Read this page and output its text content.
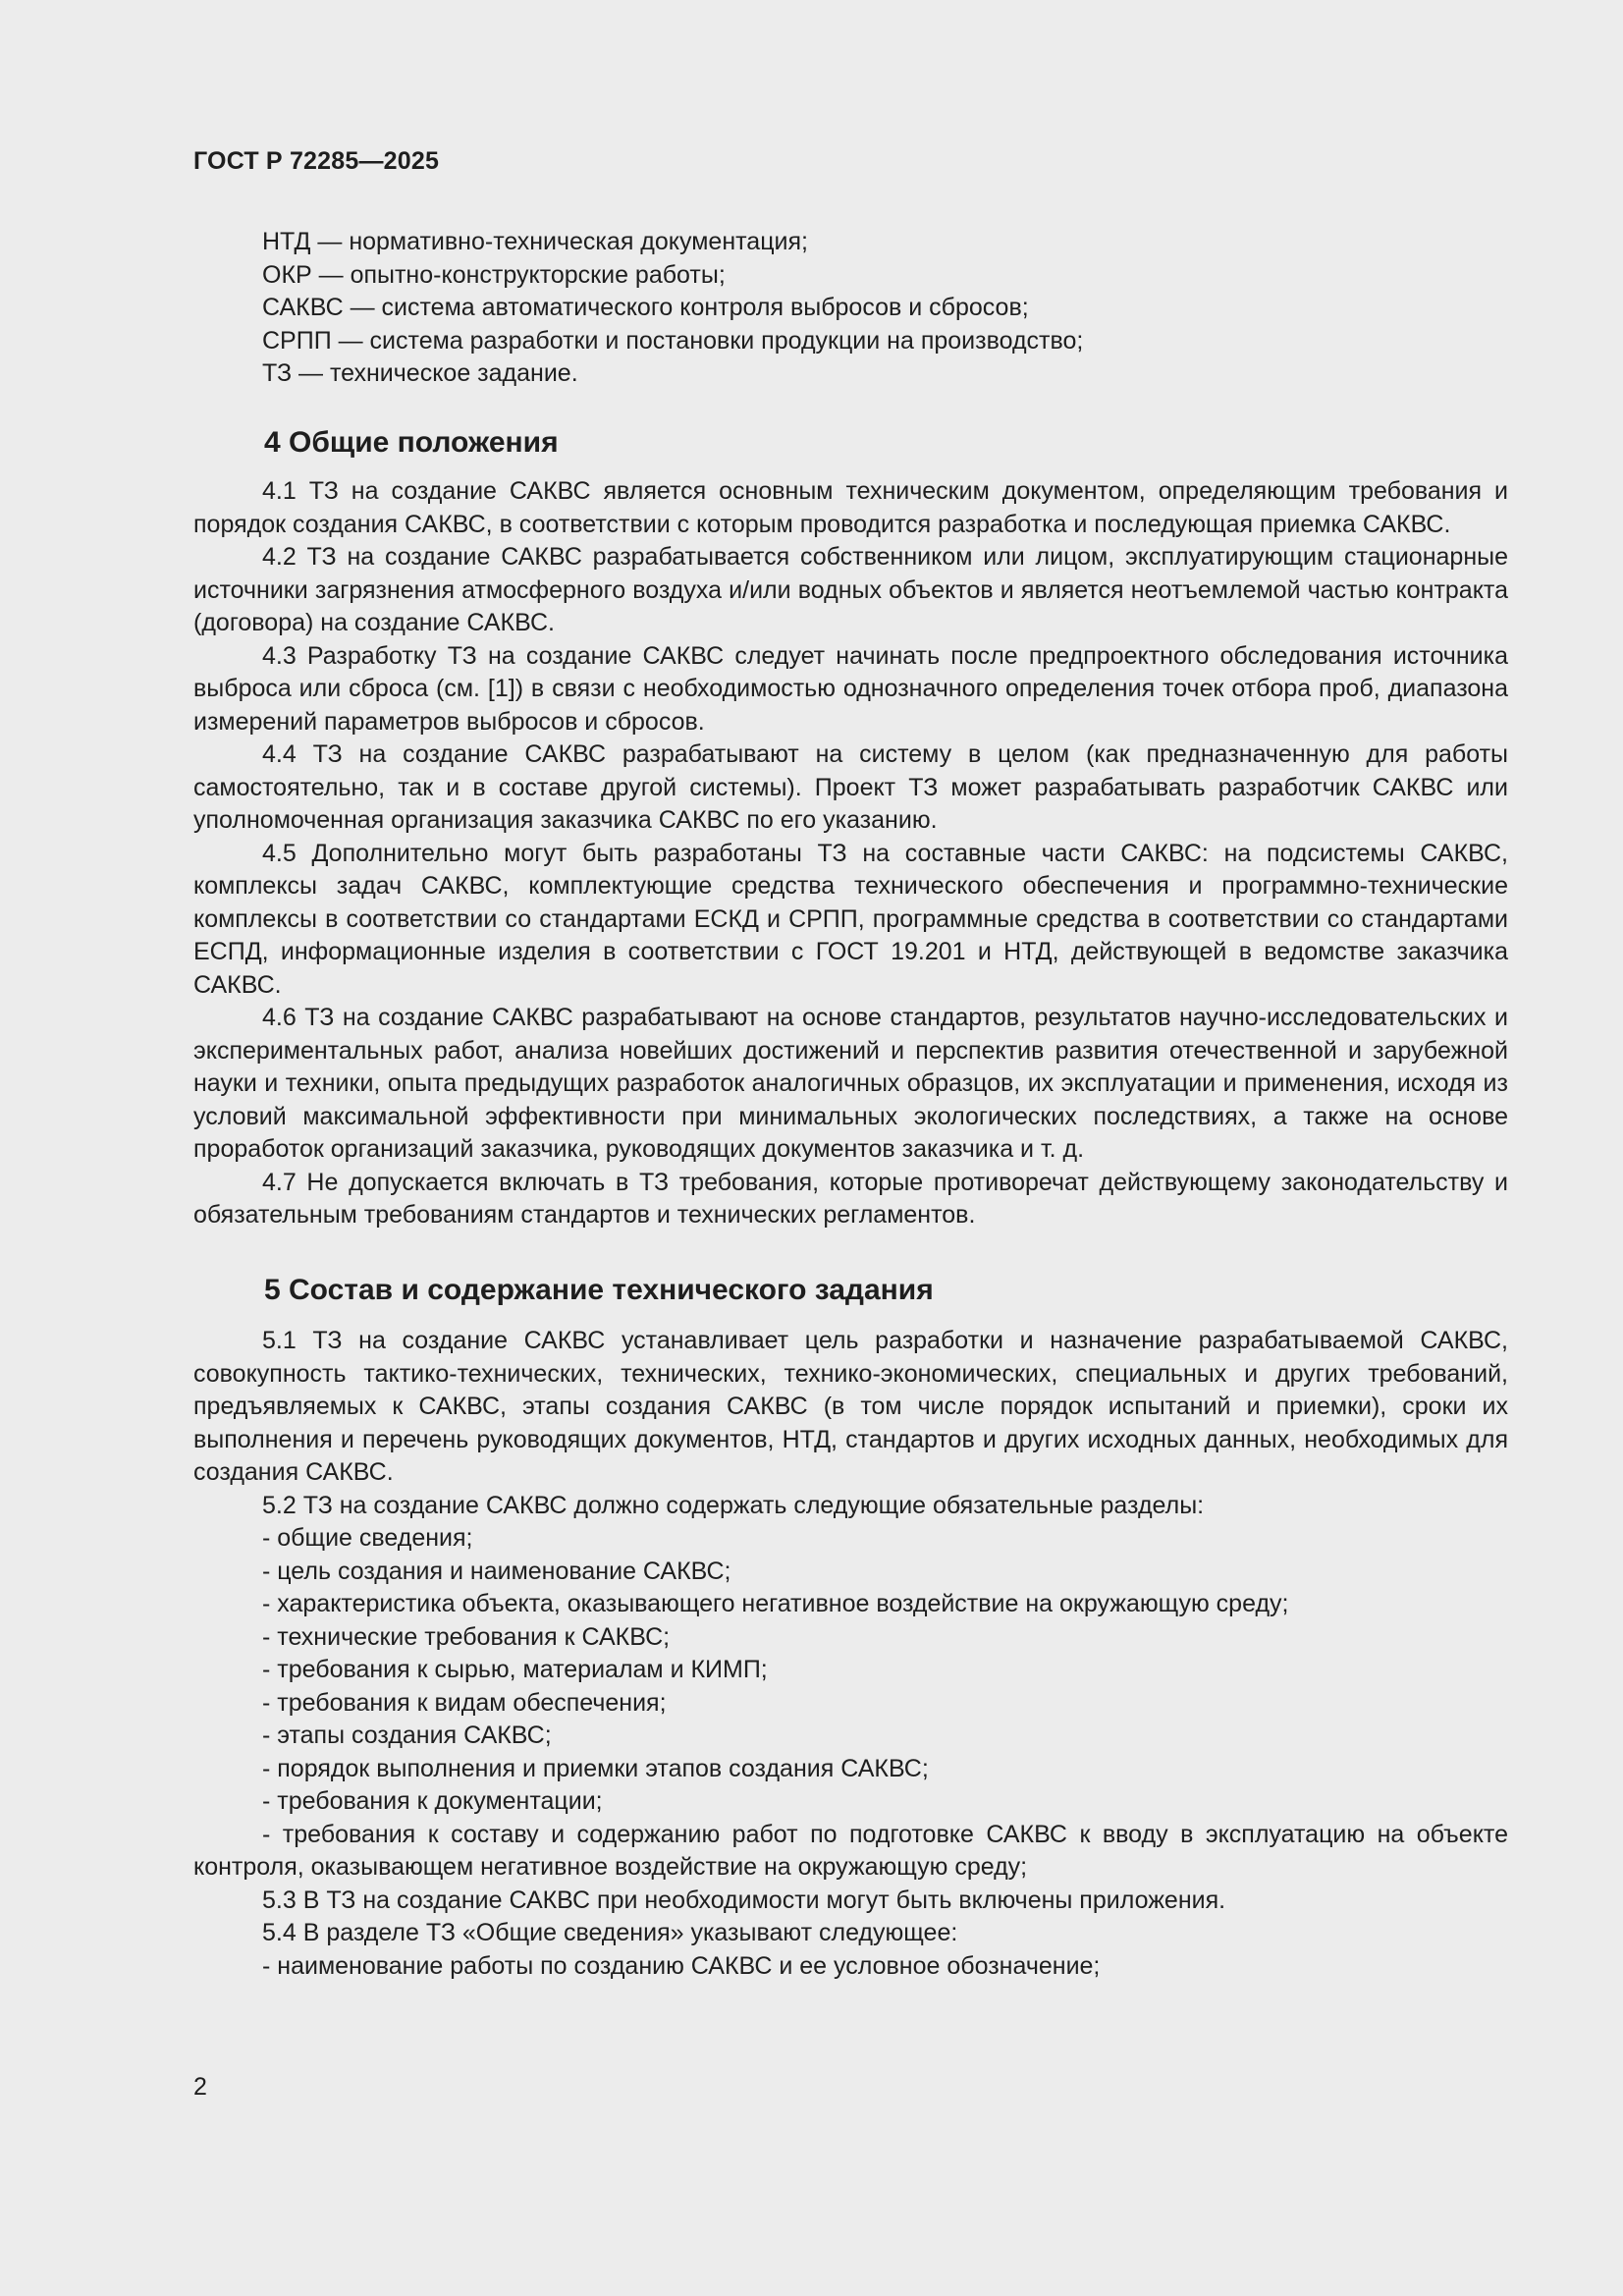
ГОСТ Р 72285—2025
НТД — нормативно-техническая документация;
ОКР — опытно-конструкторские работы;
САКВС — система автоматического контроля выбросов и сбросов;
СРПП — система разработки и постановки продукции на производство;
ТЗ — техническое задание.
4 Общие положения

4.1 ТЗ на создание САКВС является основным техническим документом, определяющим требования и порядок создания САКВС, в соответствии с которым проводится разработка и последующая приемка САКВС.

4.2 ТЗ на создание САКВС разрабатывается собственником или лицом, эксплуатирующим стационарные источники загрязнения атмосферного воздуха и/или водных объектов и является неотъемлемой частью контракта (договора) на создание САКВС.

4.3 Разработку ТЗ на создание САКВС следует начинать после предпроектного обследования источника выброса или сброса (см. [1]) в связи с необходимостью однозначного определения точек отбора проб, диапазона измерений параметров выбросов и сбросов.

4.4 ТЗ на создание САКВС разрабатывают на систему в целом (как предназначенную для работы самостоятельно, так и в составе другой системы). Проект ТЗ может разрабатывать разработчик САКВС или уполномоченная организация заказчика САКВС по его указанию.

4.5 Дополнительно могут быть разработаны ТЗ на составные части САКВС: на подсистемы САКВС, комплексы задач САКВС, комплектующие средства технического обеспечения и программно-технические комплексы в соответствии со стандартами ЕСКД и СРПП, программные средства в соответствии со стандартами ЕСПД, информационные изделия в соответствии с ГОСТ 19.201 и НТД, действующей в ведомстве заказчика САКВС.

4.6 ТЗ на создание САКВС разрабатывают на основе стандартов, результатов научно-исследовательских и экспериментальных работ, анализа новейших достижений и перспектив развития отечественной и зарубежной науки и техники, опыта предыдущих разработок аналогичных образцов, их эксплуатации и применения, исходя из условий максимальной эффективности при минимальных экологических последствиях, а также на основе проработок организаций заказчика, руководящих документов заказчика и т. д.

4.7 Не допускается включать в ТЗ требования, которые противоречат действующему законодательству и обязательным требованиям стандартов и технических регламентов.

5 Состав и содержание технического задания

5.1 ТЗ на создание САКВС устанавливает цель разработки и назначение разрабатываемой САКВС, совокупность тактико-технических, технических, технико-экономических, специальных и других требований, предъявляемых к САКВС, этапы создания САКВС (в том числе порядок испытаний и приемки), сроки их выполнения и перечень руководящих документов, НТД, стандартов и других исходных данных, необходимых для создания САКВС.

5.2 ТЗ на создание САКВС должно содержать следующие обязательные разделы:

- общие сведения;

- цель создания и наименование САКВС;

- характеристика объекта, оказывающего негативное воздействие на окружающую среду;

- технические требования к САКВС;

- требования к сырью, материалам и КИМП;

- требования к видам обеспечения;

- этапы создания САКВС;

- порядок выполнения и приемки этапов создания САКВС;

- требования к документации;

- требования к составу и содержанию работ по подготовке САКВС к вводу в эксплуатацию на объекте контроля, оказывающем негативное воздействие на окружающую среду;

5.3 В ТЗ на создание САКВС при необходимости могут быть включены приложения.

5.4 В разделе ТЗ «Общие сведения» указывают следующее:

- наименование работы по созданию САКВС и ее условное обозначение;

2
